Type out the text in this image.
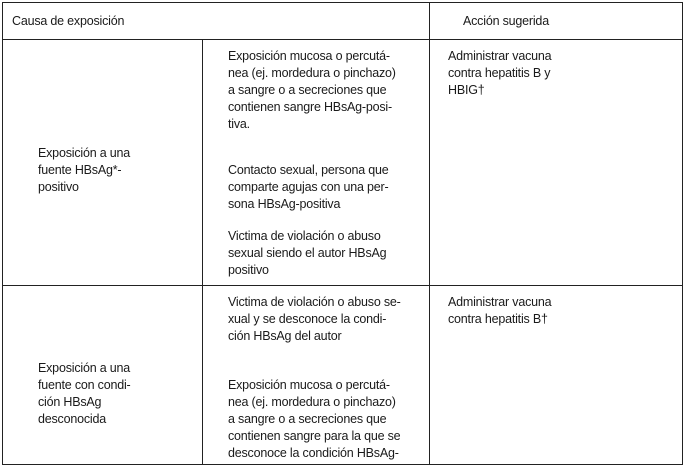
Causa de exposición	Acción sugerida
Exposición a una
fuente HBsAg*-
positivo
Exposición mucosa o percutá-
nea (ej. mordedura o pinchazo)
a sangre o a secreciones que
contienen sangre HBsAg-posi-
tiva.
Contacto sexual, persona que
comparte agujas con una per-
sona HBsAg-positiva
Victima de violación o abuso
sexual siendo el autor HBsAg
positivo
Administrar vacuna
contra hepatitis B y
HBIG†
Exposición a una
fuente con condi-
ción HBsAg
desconocida
Victima de violación o abuso se-
xual y se desconoce la condi-
ción HBsAg del autor
Exposición mucosa o percutá-
nea (ej. mordedura o pinchazo)
a sangre o a secreciones que
contienen sangre para la que se
desconoce la condición HBsAg-
Administrar vacuna
contra hepatitis B†
